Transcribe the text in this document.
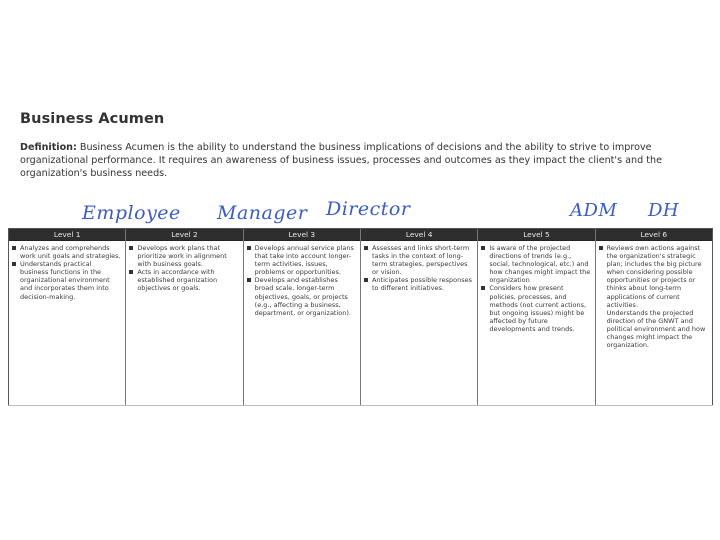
Business Acumen
Definition: Business Acumen is the ability to understand the business implications of decisions and the ability to strive to improve organizational performance. It requires an awareness of business issues, processes and outcomes as they impact the client's and the organization's business needs.
Employee Manager Director	ADM DH
Level 1
Analyzes and comprehends work unit goals and strategies.
Understands practical business functions in the organizational environment and incorporates them into decision-making.
Level 2
Develops work plans that prioritize work in alignment with business goals.
Acts in accordance with established organization objectives or goals.
Level 3
Develops annual service plans that take into account longer-term activities, issues, problems or opportunities.
Develops and establishes broad scale, longer-term objectives, goals, or projects (e.g., affecting a business, department, or organization).
Level 4
Assesses and links short-term tasks in the context of long-term strategies, perspectives or vision.
Anticipates possible responses to different initiatives.
Level 5
Is aware of the projected directions of trends (e.g., social, technological, etc.) and how changes might impact the organization
Considers how present policies, processes, and methods (not current actions, but ongoing issues) might be affected by future developments and trends.
Level 6
Reviews own actions against the organization's strategic plan; includes the big picture when considering possible opportunities or projects or thinks about long-term applications of current activities.
Understands the projected direction of the GNWT and political environment and how changes might impact the organization.
